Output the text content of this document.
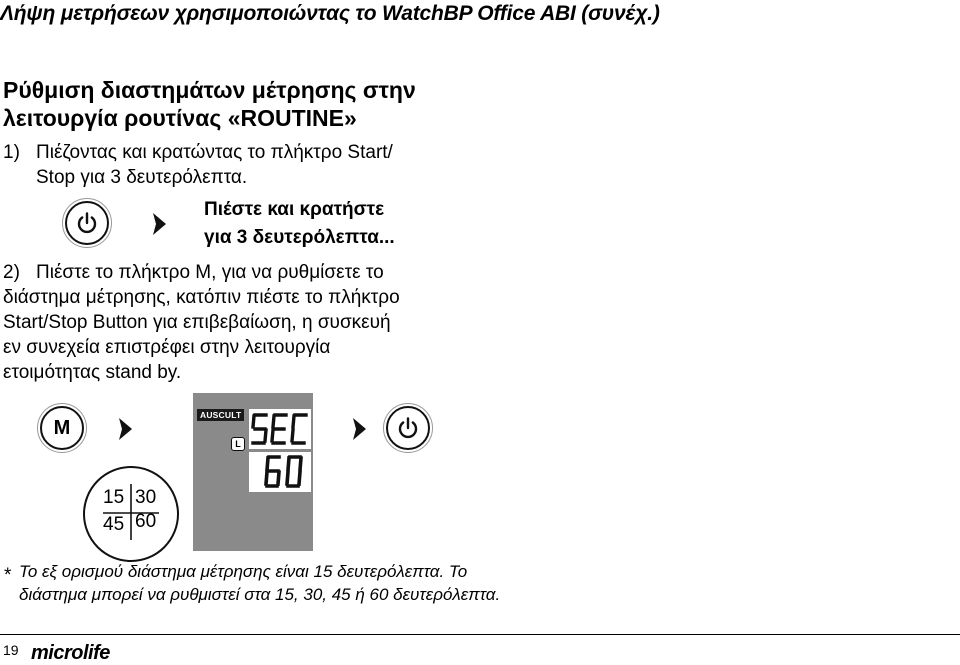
Λήψη μετρήσεων χρησιμοποιώντας το WatchBP Office ABI (συνέχ.)
Ρύθμιση διαστημάτων μέτρησης στην
λειτουργία ρουτίνας «ROUTINE»
1) Πιέζοντας και κρατώντας το πλήκτρο Start/
Stop για 3 δευτερόλεπτα.
Πιέστε και κρατήστε
για 3 δευτερόλεπτα...
2) Πιέστε το πλήκτρο M, για να ρυθμίσετε το
διάστημα μέτρησης, κατόπιν πιέστε το πλήκτρο
Start/Stop Button για επιβεβαίωση, η συσκευή
εν συνεχεία επιστρέφει στην λειτουργία
ετοιμότητας stand by.
M
AUSCULT
L
15 30
45 60
* Το εξ ορισμού διάστημα μέτρησης είναι 15 δευτερόλεπτα. Το
διάστημα μπορεί να ρυθμιστεί στα 15, 30, 45 ή 60 δευτερόλεπτα.
19 microlife
